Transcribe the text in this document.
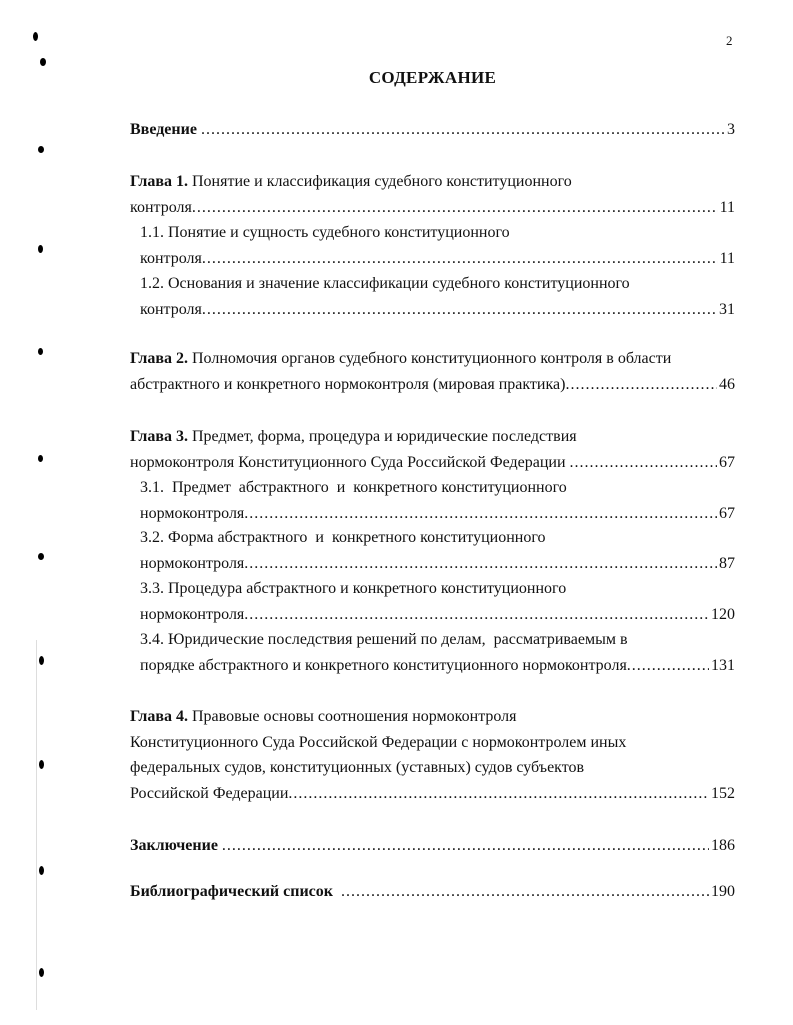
2
СОДЕРЖАНИЕ
Введение .....	3
Глава 1. Понятие и классификация судебного конституционного
контроля .....	11
1.1. Понятие и сущность судебного конституционного
контроля .....	11
1.2. Основания и значение классификации судебного конституционного
контроля .....	31
Глава 2. Полномочия органов судебного конституционного контроля в области
абстрактного и конкретного нормоконтроля (мировая практика) .....	46
Глава 3. Предмет, форма, процедура и юридические последствия
нормоконтроля Конституционного Суда Российской Федерации .....	67
3.1.  Предмет  абстрактного  и  конкретного конституционного
нормоконтроля .....	67
3.2. Форма абстрактного  и  конкретного конституционного
нормоконтроля .....	87
3.3. Процедура абстрактного и конкретного конституционного
нормоконтроля .....	120
3.4. Юридические последствия решений по делам,  рассматриваемым в
порядке абстрактного и конкретного конституционного нормоконтроля .....	131
Глава 4. Правовые основы соотношения нормоконтроля
Конституционного Суда Российской Федерации с нормоконтролем иных
федеральных судов, конституционных (уставных) судов субъектов
Российской Федерации .....	152
Заключение .....	186
Библиографический список
.....	190
